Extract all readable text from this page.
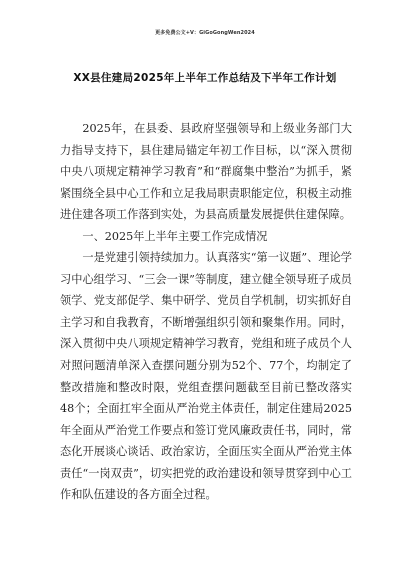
更多免费公文+V：GiGoGongWen2024
XX县住建局2025年上半年工作总结及下半年工作计划

2025年，在县委、县政府坚强领导和上级业务部门大力指导支持下，县住建局锚定年初工作目标，以“深入贯彻中央八项规定精神学习教育”和“群腐集中整治”为抓手，紧紧围绕全县中心工作和立足我局职责职能定位，积极主动推进住建各项工作落到实处，为县高质量发展提供住建保障。

一、2025年上半年主要工作完成情况

一是党建引领持续加力。认真落实“第一议题”、理论学习中心组学习、“三会一课”等制度，建立健全领导班子成员领学、党支部促学、集中研学、党员自学机制，切实抓好自主学习和自我教育，不断增强组织引领和聚集作用。同时，深入贯彻中央八项规定精神学习教育，党组和班子成员个人对照问题清单深入查摆问题分别为52个、77个，均制定了整改措施和整改时限，党组查摆问题截至目前已整改落实48个；全面扛牢全面从严治党主体责任，制定住建局2025年全面从严治党工作要点和签订党风廉政责任书，同时，常态化开展谈心谈话、政治家访，全面压实全面从严治党主体责任“一岗双责”，切实把党的政治建设和领导贯穿到中心工作和队伍建设的各方面全过程。
